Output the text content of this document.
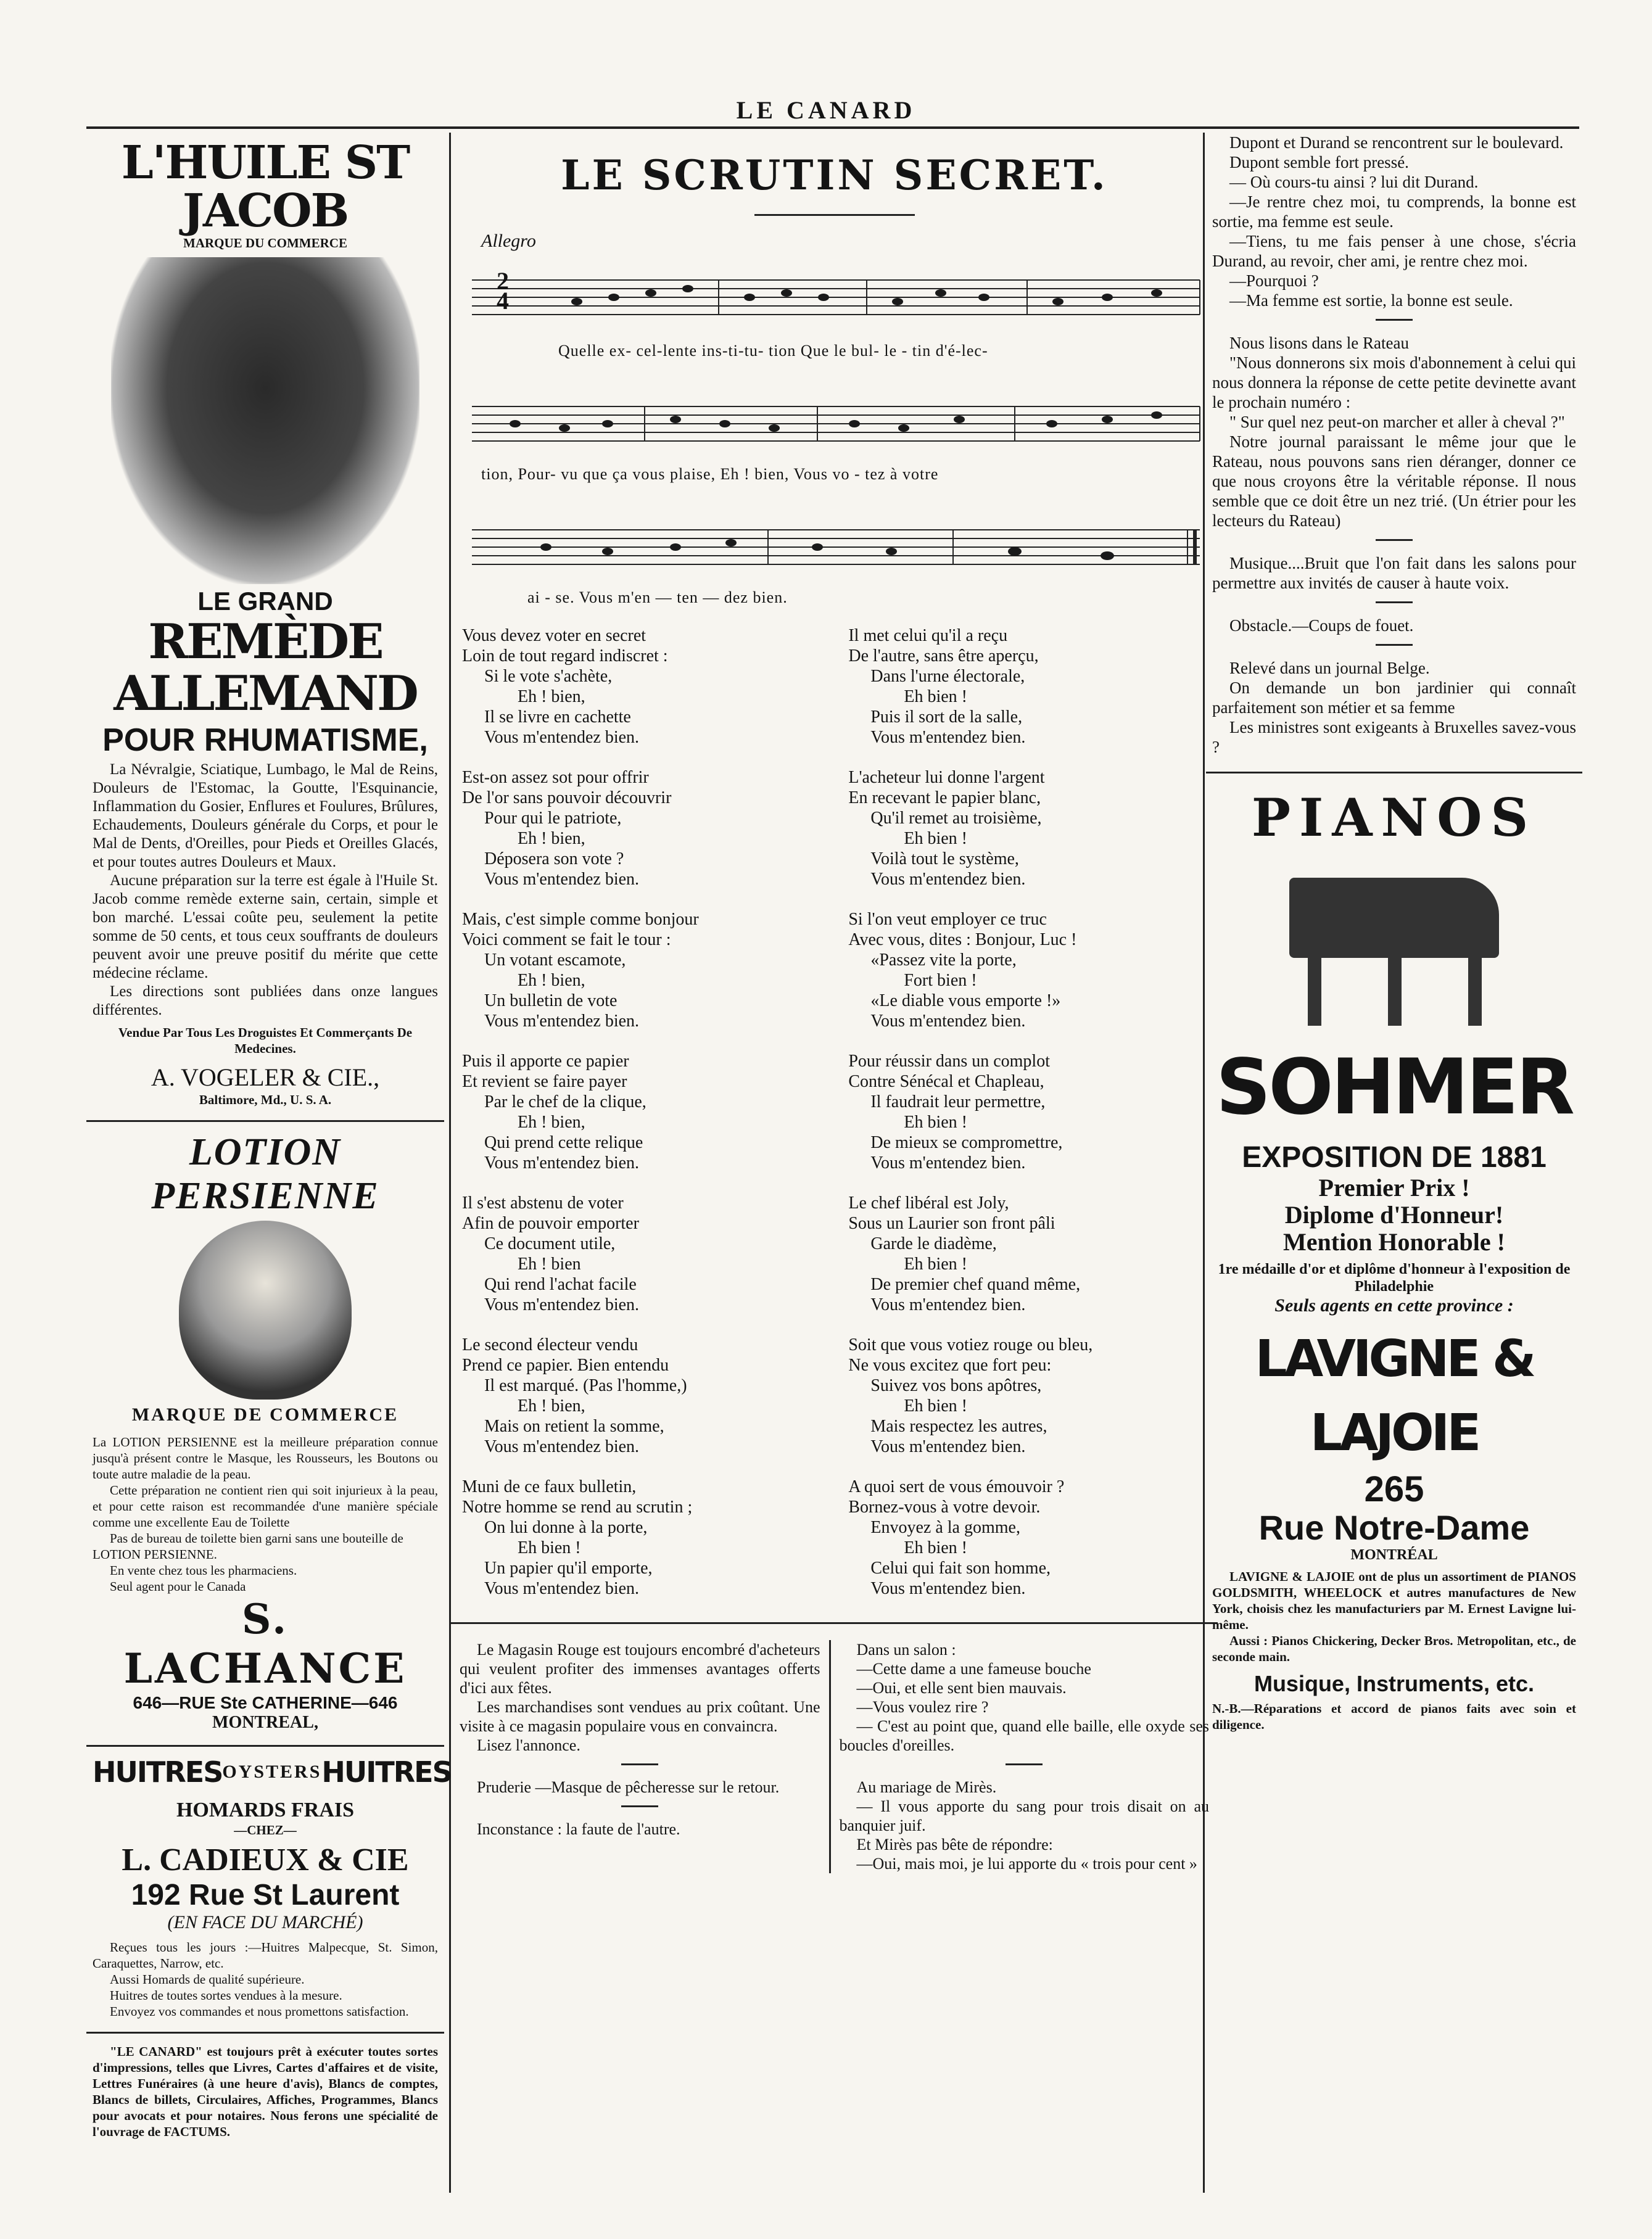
LE CANARD
L'HUILE ST JACOB
MARQUE DU COMMERCE
LE GRAND
REMÈDE ALLEMAND
POUR RHUMATISME,

La Névralgie, Sciatique, Lumbago, le Mal de Reins, Douleurs de l'Estomac, la Goutte, l'Esquinancie, Inflammation du Gosier, Enflures et Foulures, Brûlures, Echaudements, Douleurs générale du Corps, et pour le Mal de Dents, d'Oreilles, pour Pieds et Oreilles Glacés, et pour toutes autres Douleurs et Maux.

Aucune préparation sur la terre est égale à l'Huile St. Jacob comme remède externe sain, certain, simple et bon marché. L'essai coûte peu, seulement la petite somme de 50 cents, et tous ceux souffrants de douleurs peuvent avoir une preuve positif du mérite que cette médecine réclame.

Les directions sont publiées dans onze langues différentes.

Vendue Par Tous Les Droguistes Et Commerçants De Medecines.

A. VOGELER & CIE.,
Baltimore, Md., U. S. A.
LOTION PERSIENNE
MARQUE DE COMMERCE

La LOTION PERSIENNE est la meilleure préparation connue jusqu'à présent contre le Masque, les Rousseurs, les Boutons ou toute autre maladie de la peau.

Cette préparation ne contient rien qui soit injurieux à la peau, et pour cette raison est recommandée d'une manière spéciale comme une excellente Eau de Toilette

Pas de bureau de toilette bien garni sans une bouteille de LOTION PERSIENNE.

En vente chez tous les pharmaciens.

Seul agent pour le Canada

S. LACHANCE
646—RUE Ste CATHERINE—646
MONTREAL,
HUITRES OYSTERS HUITRES
HOMARDS FRAIS
—CHEZ—
L. CADIEUX & CIE
192 Rue St Laurent
(EN FACE DU MARCHÉ)

Reçues tous les jours :—Huitres Malpecque, St. Simon, Caraquettes, Narrow, etc.

Aussi Homards de qualité supérieure.

Huitres de toutes sortes vendues à la mesure.

Envoyez vos commandes et nous promettons satisfaction.

"LE CANARD" est toujours prêt à exécuter toutes sortes d'impressions, telles que Livres, Cartes d'affaires et de visite, Lettres Funéraires (à une heure d'avis), Blancs de comptes, Blancs de billets, Circulaires, Affiches, Programmes, Blancs pour avocats et pour notaires. Nous ferons une spécialité de l'ouvrage de FACTUMS.

LE SCRUTIN SECRET.
Allegro
2
4
Quelle ex- cel-lente ins-ti-tu- tion Que le bul- le - tin d'é-lec-
tion, Pour- vu que ça vous plaise, Eh ! bien, Vous vo - tez à votre
ai - se. Vous m'en — ten — dez bien.
Vous devez voter en secret
Loin de tout regard indiscret :
Si le vote s'achète,
Eh ! bien,
Il se livre en cachette
Vous m'entendez bien.
Est-on assez sot pour offrir
De l'or sans pouvoir découvrir
Pour qui le patriote,
Eh ! bien,
Déposera son vote ?
Vous m'entendez bien.
Mais, c'est simple comme bonjour
Voici comment se fait le tour :
Un votant escamote,
Eh ! bien,
Un bulletin de vote
Vous m'entendez bien.
Puis il apporte ce papier
Et revient se faire payer
Par le chef de la clique,
Eh ! bien,
Qui prend cette relique
Vous m'entendez bien.
Il s'est abstenu de voter
Afin de pouvoir emporter
Ce document utile,
Eh ! bien
Qui rend l'achat facile
Vous m'entendez bien.
Le second électeur vendu
Prend ce papier. Bien entendu
Il est marqué. (Pas l'homme,)
Eh ! bien,
Mais on retient la somme,
Vous m'entendez bien.
Muni de ce faux bulletin,
Notre homme se rend au scrutin ;
On lui donne à la porte,
Eh bien !
Un papier qu'il emporte,
Vous m'entendez bien.
Il met celui qu'il a reçu
De l'autre, sans être aperçu,
Dans l'urne électorale,
Eh bien !
Puis il sort de la salle,
Vous m'entendez bien.
L'acheteur lui donne l'argent
En recevant le papier blanc,
Qu'il remet au troisième,
Eh bien !
Voilà tout le système,
Vous m'entendez bien.
Si l'on veut employer ce truc
Avec vous, dites : Bonjour, Luc !
«Passez vite la porte,
Fort bien !
«Le diable vous emporte !»
Vous m'entendez bien.
Pour réussir dans un complot
Contre Sénécal et Chapleau,
Il faudrait leur permettre,
Eh bien !
De mieux se compromettre,
Vous m'entendez bien.
Le chef libéral est Joly,
Sous un Laurier son front pâli
Garde le diadème,
Eh bien !
De premier chef quand même,
Vous m'entendez bien.
Soit que vous votiez rouge ou bleu,
Ne vous excitez que fort peu:
Suivez vos bons apôtres,
Eh bien !
Mais respectez les autres,
Vous m'entendez bien.
A quoi sert de vous émouvoir ?
Bornez-vous à votre devoir.
Envoyez à la gomme,
Eh bien !
Celui qui fait son homme,
Vous m'entendez bien.

Le Magasin Rouge est toujours encombré d'acheteurs qui veulent profiter des immenses avantages offerts d'ici aux fêtes.

Les marchandises sont vendues au prix coûtant. Une visite à ce magasin populaire vous en convaincra.

Lisez l'annonce.

Pruderie —Masque de pêcheresse sur le retour.

Inconstance : la faute de l'autre.

Dans un salon :

—Cette dame a une fameuse bouche

—Oui, et elle sent bien mauvais.

—Vous voulez rire ?

— C'est au point que, quand elle baille, elle oxyde ses boucles d'oreilles.

Au mariage de Mirès.

— Il vous apporte du sang pour trois disait on au banquier juif.

Et Mirès pas bête de répondre:

—Oui, mais moi, je lui apporte du « trois pour cent »

Dupont et Durand se rencontrent sur le boulevard.

Dupont semble fort pressé.

— Où cours-tu ainsi ? lui dit Durand.

—Je rentre chez moi, tu comprends, la bonne est sortie, ma femme est seule.

—Tiens, tu me fais penser à une chose, s'écria Durand, au revoir, cher ami, je rentre chez moi.

—Pourquoi ?

—Ma femme est sortie, la bonne est seule.

Nous lisons dans le Rateau

"Nous donnerons six mois d'abonnement à celui qui nous donnera la réponse de cette petite devinette avant le prochain numéro :

" Sur quel nez peut-on marcher et aller à cheval ?"

Notre journal paraissant le même jour que le Rateau, nous pouvons sans rien déranger, donner ce que nous croyons être la véritable réponse. Il nous semble que ce doit être un nez trié. (Un étrier pour les lecteurs du Rateau)

Musique....Bruit que l'on fait dans les salons pour permettre aux invités de causer à haute voix.

Obstacle.—Coups de fouet.

Relevé dans un journal Belge.

On demande un bon jardinier qui connaît parfaitement son métier et sa femme

Les ministres sont exigeants à Bruxelles savez-vous ?

PIANOS
SOHMER
EXPOSITION DE 1881
Premier Prix !
Diplome d'Honneur!
Mention Honorable !
1re médaille d'or et diplôme d'honneur à l'exposition de Philadelphie
Seuls agents en cette province :
LAVIGNE & LAJOIE
265
Rue Notre-Dame
MONTRÉAL

LAVIGNE & LAJOIE ont de plus un assortiment de PIANOS GOLDSMITH, WHEELOCK et autres manufactures de New York, choisis chez les manufacturiers par M. Ernest Lavigne lui-même.

Aussi : Pianos Chickering, Decker Bros. Metropolitan, etc., de seconde main.

Musique, Instruments, etc.

N.-B.—Réparations et accord de pianos faits avec soin et diligence.
